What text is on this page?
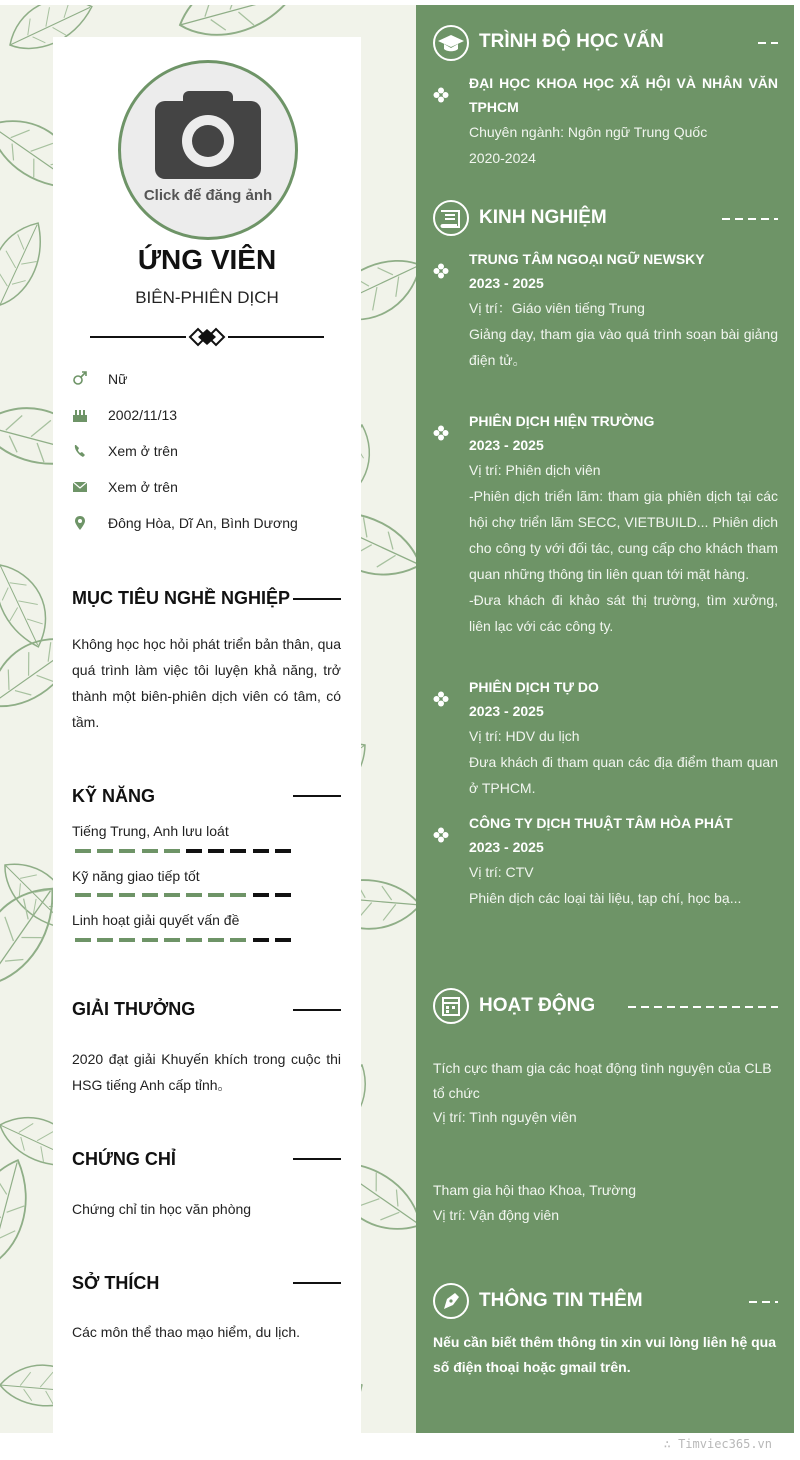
Click để đăng ảnh
ỨNG VIÊN
BIÊN-PHIÊN DỊCH
Nữ
2002/11/13
Xem ở trên
Xem ở trên
Đông Hòa, Dĩ An, Bình Dương
MỤC TIÊU NGHỀ NGHIỆP
Không học học hỏi phát triển bản thân, qua quá trình làm việc tôi luyện khả năng, trở thành một biên-phiên dịch viên có tâm, có tầm.
KỸ NĂNG
Tiếng Trung, Anh lưu loát
Kỹ năng giao tiếp tốt
Linh hoạt giải quyết vấn đề
GIẢI THƯỞNG
2020 đạt giải Khuyến khích trong cuộc thi HSG tiếng Anh cấp tỉnh。
CHỨNG CHỈ
Chứng chỉ tin học văn phòng
SỞ THÍCH
Các môn thể thao mạo hiểm, du lịch.
TRÌNH ĐỘ HỌC VẤN
ĐẠI HỌC KHOA HỌC XÃ HỘI VÀ NHÂN VĂN TPHCM
Chuyên ngành: Ngôn ngữ Trung Quốc
2020-2024
KINH NGHIỆM
TRUNG TÂM NGOẠI NGỮ NEWSKY
2023 - 2025
Vị trí：Giáo viên tiếng Trung
Giảng dạy, tham gia vào quá trình soạn bài giảng điện tử。
PHIÊN DỊCH HIỆN TRƯỜNG
2023 - 2025
Vị trí: Phiên dịch viên
-Phiên dịch triển lãm: tham gia phiên dịch tại các hội chợ triển lãm SECC, VIETBUILD... Phiên dịch cho công ty với đối tác, cung cấp cho khách tham quan những thông tin liên quan tới mặt hàng.
-Đưa khách đi khảo sát thị trường, tìm xưởng, liên lạc với các công ty.
PHIÊN DỊCH TỰ DO
2023 - 2025
Vị trí: HDV du lịch
Đưa khách đi tham quan các địa điểm tham quan ở TPHCM.
CÔNG TY DỊCH THUẬT TÂM HÒA PHÁT
2023 - 2025
Vị trí: CTV
Phiên dịch các loại tài liệu, tạp chí, học bạ...
HOẠT ĐỘNG
Tích cực tham gia các hoạt động tình nguyện của CLB tổ chức
Vị trí: Tình nguyện viên
Tham gia hội thao Khoa, Trường
Vị trí: Vận động viên
THÔNG TIN THÊM
Nếu cần biết thêm thông tin xin vui lòng liên hệ qua số điện thoại hoặc gmail trên.
∴ Timviec365.vn
